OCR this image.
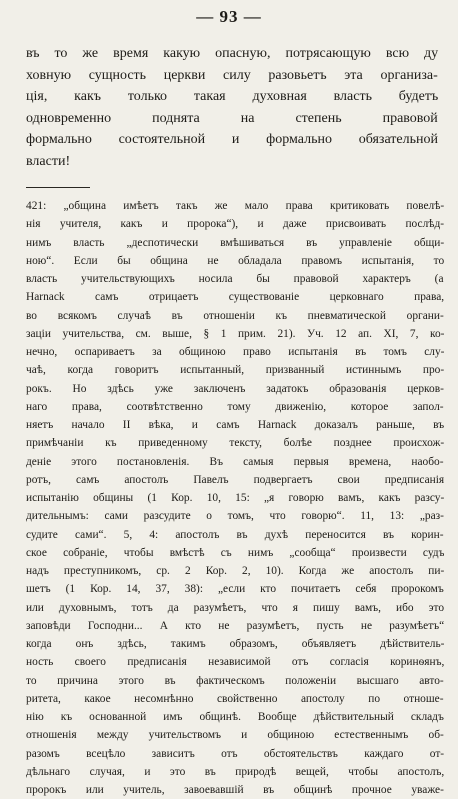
— 93 —
въ то же время какую опасную, потрясающую всю ду
ховную сущность церкви силу разовьетъ эта организа-
ція, какъ только такая духовная власть будетъ
одновременно поднята на степень правовой
формально состоятельной и формально обязательной
власти!
421: „община имѣетъ такъ же мало права критиковать повелѣ-
нія учителя, какъ и пророка“), и даже присвоивать послѣд-
нимъ власть „деспотически вмѣшиваться въ управленіе общи-
ною“. Если бы община не обладала правомъ испытанія, то
власть учительствующихъ носила бы правовой характеръ (а
Harnack самъ отрицаетъ существованіе церковнаго права,
во всякомъ случаѣ въ отношеніи къ пневматической органи-
заціи учительства, см. выше, § 1 прим. 21). Уч. 12 ап. XI, 7, ко-
нечно, оспариваетъ за общиною право испытанія въ томъ слу-
чаѣ, когда говоритъ испытанный, призванный истиннымъ про-
рокъ. Но здѣсь уже заключенъ задатокъ образованія церков-
наго права, соотвѣтственно тому движенію, которое запол-
няетъ начало II вѣка, и самъ Harnack доказалъ раньше, въ
примѣчаніи къ приведенному тексту, болѣе позднее происхож-
деніе этого постановленія. Въ самыя первыя времена, наобо-
ротъ, самъ апостолъ Павелъ подвергаетъ свои предписанія
испытанію общины (1 Кор. 10, 15: „я говорю вамъ, какъ разсу-
дительнымъ: сами разсудите о томъ, что говорю“. 11, 13: „раз-
судите сами“. 5, 4: апостолъ въ духѣ переносится въ корин-
ское собраніе, чтобы вмѣстѣ съ нимъ „сообща“ произвести судъ
надъ преступникомъ, ср. 2 Кор. 2, 10). Когда же апостолъ пи-
шетъ (1 Кор. 14, 37, 38): „если кто почитаетъ себя пророкомъ
или духовнымъ, тотъ да разумѣетъ, что я пишу вамъ, ибо это
заповѣди Господни... А кто не разумѣетъ, пусть не разумѣетъ“
когда онъ здѣсь, такимъ образомъ, объявляетъ дѣйствитель-
ность своего предписанія независимой отъ согласія коринѳянъ,
то причина этого въ фактическомъ положеніи высшаго авто-
ритета, какое несомнѣнно свойственно апостолу по отноше-
нію къ основанной имъ общинѣ. Вообще дѣйствительный складъ
отношенія между учительствомъ и общиною естественнымъ об-
разомъ всецѣло зависитъ отъ обстоятельствъ каждаго от-
дѣльнаго случая, и это въ природѣ вещей, чтобы апостолъ,
пророкъ или учитель, завоевавшій въ общинѣ прочное уваже-
